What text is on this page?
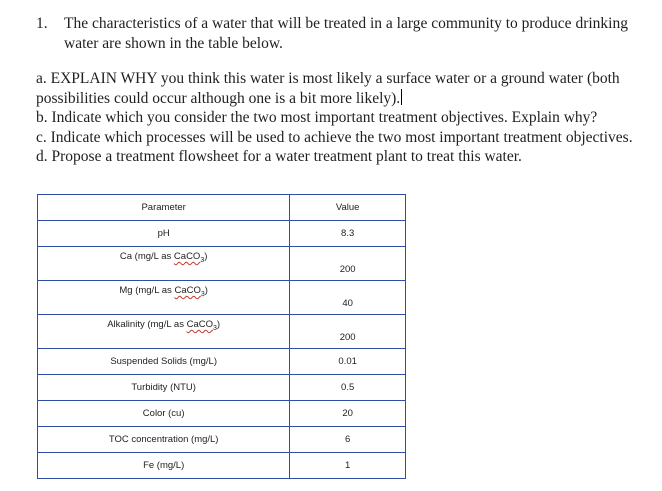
1. The characteristics of a water that will be treated in a large community to produce drinking water are shown in the table below.
a. EXPLAIN WHY you think this water is most likely a surface water or a ground water (both
possibilities could occur although one is a bit more likely).
b. Indicate which you consider the two most important treatment objectives. Explain why?
c. Indicate which processes will be used to achieve the two most important treatment objectives.
d. Propose a treatment flowsheet for a water treatment plant to treat this water.
Parameter	Value
pH	8.3

Ca (mg/L as CaCO$_3$)	200

Mg (mg/L as CaCO$_3$)	40

Alkalinity (mg/L as CaCO$_3$)	200

Suspended Solids (mg/L)	0.01
Turbidity (NTU)	0.5
Color (cu)	20
TOC concentration (mg/L)	6
Fe (mg/L)	1
